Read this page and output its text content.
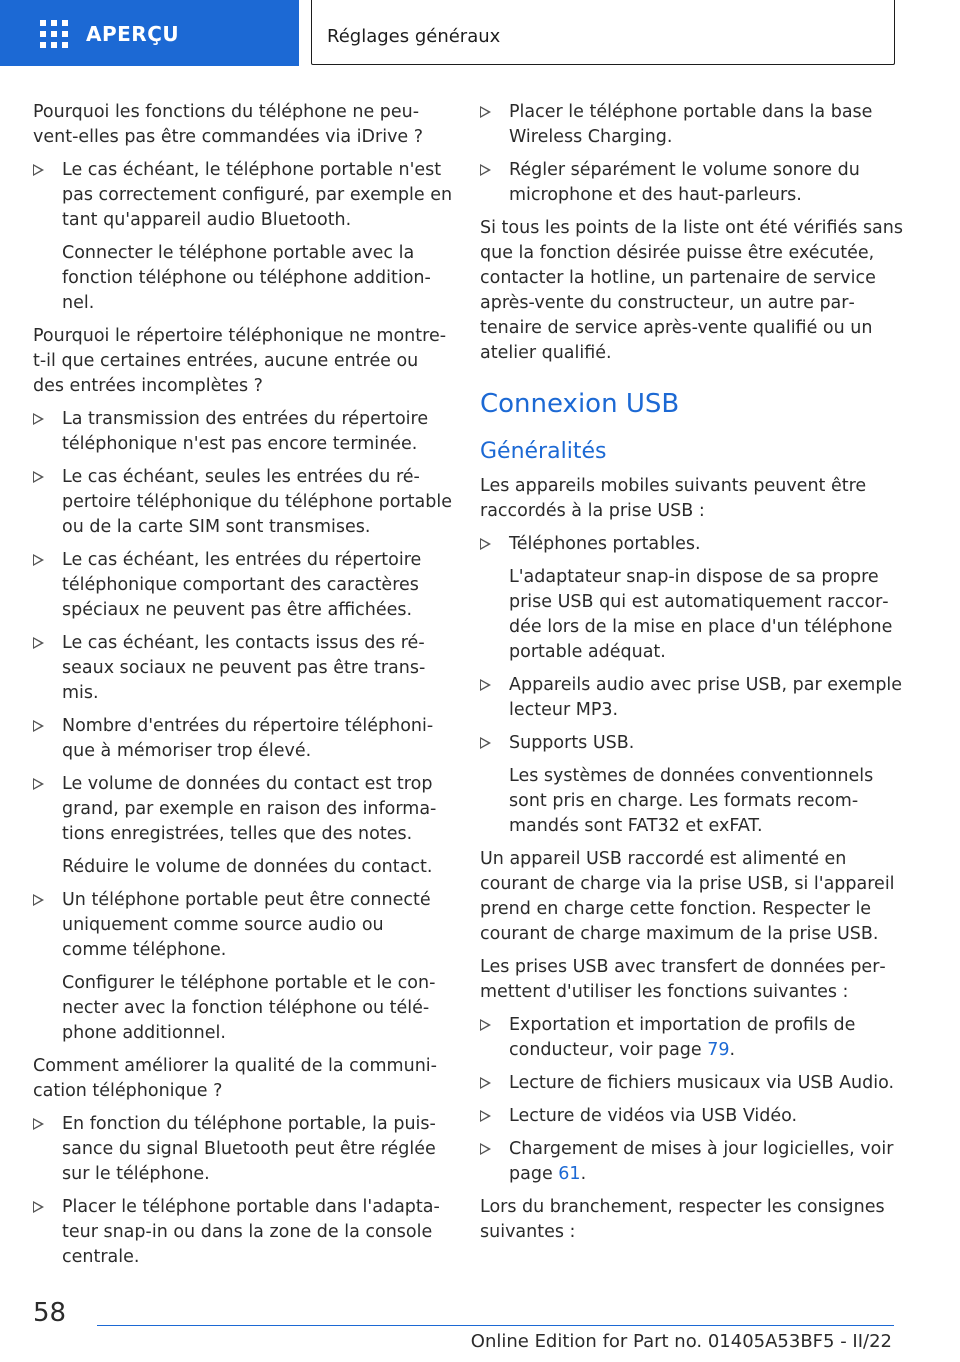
APERÇU	Réglages généraux

Pourquoi les fonctions du téléphone ne peuvent-elles pas être commandées via iDrive ?

Le cas échéant, le téléphone portable n'est pas correctement configuré, par exemple en tant qu'appareil audio Bluetooth.

Connecter le téléphone portable avec la fonction téléphone ou téléphone additionnel.

Pourquoi le répertoire téléphonique ne montre-t-il que certaines entrées, aucune entrée ou des entrées incomplètes ?

La transmission des entrées du répertoire téléphonique n'est pas encore terminée.
Le cas échéant, seules les entrées du répertoire téléphonique du téléphone portable ou de la carte SIM sont transmises.
Le cas échéant, les entrées du répertoire téléphonique comportant des caractères spéciaux ne peuvent pas être affichées.
Le cas échéant, les contacts issus des réseaux sociaux ne peuvent pas être transmis.
Nombre d'entrées du répertoire téléphonique à mémoriser trop élevé.
Le volume de données du contact est trop grand, par exemple en raison des informations enregistrées, telles que des notes.

Réduire le volume de données du contact.

Un téléphone portable peut être connecté uniquement comme source audio ou comme téléphone.

Configurer le téléphone portable et le connecter avec la fonction téléphone ou téléphone additionnel.

Comment améliorer la qualité de la communication téléphonique ?

En fonction du téléphone portable, la puissance du signal Bluetooth peut être réglée sur le téléphone.
Placer le téléphone portable dans l'adaptateur snap-in ou dans la zone de la console centrale.
Placer le téléphone portable dans la base Wireless Charging.
Régler séparément le volume sonore du microphone et des haut-parleurs.

Si tous les points de la liste ont été vérifiés sans que la fonction désirée puisse être exécutée, contacter la hotline, un partenaire de service après-vente du constructeur, un autre partenaire de service après-vente qualifié ou un atelier qualifié.

Connexion USB
Généralités

Les appareils mobiles suivants peuvent être raccordés à la prise USB :

Téléphones portables.

L'adaptateur snap-in dispose de sa propre prise USB qui est automatiquement raccordée lors de la mise en place d'un téléphone portable adéquat.

Appareils audio avec prise USB, par exemple lecteur MP3.
Supports USB.

Les systèmes de données conventionnels sont pris en charge. Les formats recommandés sont FAT32 et exFAT.

Un appareil USB raccordé est alimenté en courant de charge via la prise USB, si l'appareil prend en charge cette fonction. Respecter le courant de charge maximum de la prise USB.

Les prises USB avec transfert de données permettent d'utiliser les fonctions suivantes :

Exportation et importation de profils de conducteur, voir page 79.
Lecture de fichiers musicaux via USB Audio.
Lecture de vidéos via USB Vidéo.
Chargement de mises à jour logicielles, voir page 61.

Lors du branchement, respecter les consignes suivantes :

58
Online Edition for Part no. 01405A53BF5 - II/22
